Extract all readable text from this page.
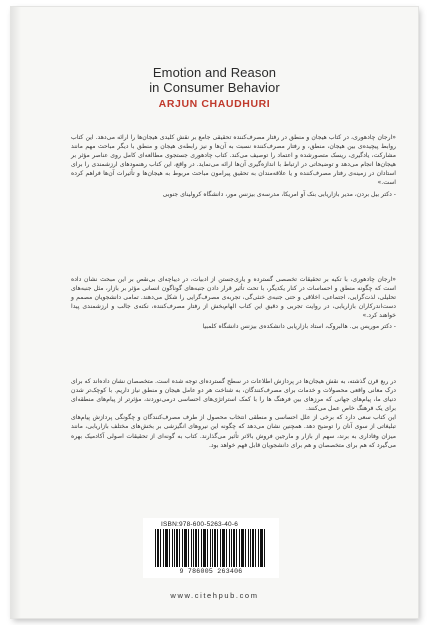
Emotion and Reason
in Consumer Behavior
ARJUN CHAUDHURI

«ارجان چادهوری، در کتاب هیجان و منطق در رفتار مصرف‌کننده تحقیقی جامع بر نقش کلیدی هیجان‌ها را ارائه می‌دهد. این کتاب روابط پیچیده‌ی بین هیجان، منطق، و رفتار مصرف‌کننده نسبت به آن‌ها و نیز رابطه‌ی هیجان و منطق با دیگر مباحث مهم مانند مشارکت، یادگیری، ریسک متصورشده و اعتماد را توصیف می‌کند. کتاب چادهوری جستجوی مطالعه‌ای کامل روی عناصر مؤثر بر هیجان‌ها انجام می‌دهد و توضیحاتی در ارتباط با اندازه‌گیری آن‌ها ارائه می‌نماید. در واقع، این کتاب رهنمودهای ارزشمندی را برای استادان در زمینه‌ی رفتار مصرف‌کننده و یا علاقه‌مندان به تحقیق پیرامون مباحث مربوط به هیجان‌ها و تأثیرات آن‌ها فراهم کرده است.»

- دکتر بیل بردن، مدیر بازاریابی بنک آو امریکا، مدرسه‌ی بیزنس مور، دانشگاه کرولینای جنوبی

«ارجان چادهوری، با تکیه بر تحقیقات تخصصی گسترده و یاری‌جستن از ادبیات، در دیباچه‌ای بی‌نقص بر این مبحث نشان داده است که چگونه منطق و احساسات در کنار یکدیگر، با تحت تأثیر قرار دادن جنبه‌های گوناگون انسانی مؤثر بر بازار، مثل جنبه‌های تحلیلی، لذت‌گرایی، اجتماعی، اخلاقی و حتی جنبه‌ی خنثی‌گی، تجربه‌ی مصرف‌گرایی را شکل می‌دهند. تمامی دانشجویان مصمم و دست‌اندرکاران بازاریابی، در روایت تجربی و دقیق این کتاب الهام‌بخش از رفتار مصرف‌کننده، نکته‌ی جالب و ارزشمندی پیدا خواهند کرد.»

- دکتر موریس بی. هالبروک، استاد بازاریابی دانشکده‌ی بیزنس دانشگاه کلمبیا

در ربع قرن گذشته، به نقش هیجان‌ها در پردازش اطلاعات در سطح گسترده‌ای توجه شده است. متخصصان نشان داده‌اند که برای درک معانی واقعی محصولات و خدمات برای مصرف‌کنندگان، به شناخت هر دو عامل هیجان و منطق نیاز داریم. با کوچک‌تر شدن دنیای ما، پیام‌های جهانی که مرزهای بین فرهنگ ها را با کمک استراتژی‌های احساسی درمی‌نوردند، مؤثرتر از پیام‌های منطقه‌ای برای یک فرهنگ خاص عمل می‌کنند.

این کتاب سعی دارد که برخی از علل احساسی و منطقی انتخاب محصول از طرف مصرف‌کنندگان و چگونگی پردازش پیام‌های تبلیغاتی از سوی آنان را توضیح دهد. همچنین نشان می‌دهد که چگونه این نیروهای انگیزشی بر بخش‌های مختلف بازاریابی، مانند میزان وفاداری به برند، سهم از بازار و مارجین فروش بالاتر تأثیر می‌گذارند. کتاب به گونه‌ای از تحقیقات اصولی آکادمیک بهره می‌گیرد که هم برای متخصصان و هم برای دانشجویان قابل فهم خواهد بود.

ISBN:978-600-5263-40-6
9 786005 263406
www.citehpub.com
